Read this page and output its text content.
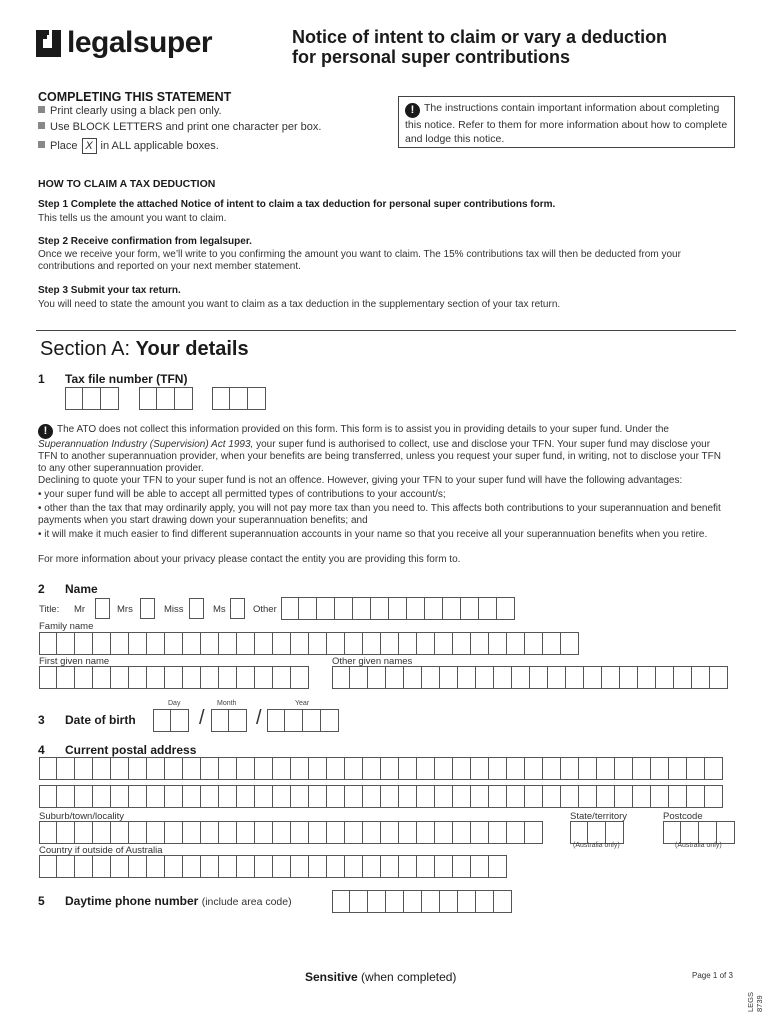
legalsuper	Notice of intent to claim or vary a deduction
for personal super contributions
COMPLETING THIS STATEMENT
Print clearly using a black pen only.
Use BLOCK LETTERS and print one character per box.
Place X in ALL applicable boxes.
! The instructions contain important information about completing this notice. Refer to them for more information about how to complete and lodge this notice.
HOW TO CLAIM A TAX DEDUCTION
Step 1 Complete the attached Notice of intent to claim a tax deduction for personal super contributions form.
This tells us the amount you want to claim.
Step 2 Receive confirmation from legalsuper.
Once we receive your form, we’ll write to you confirming the amount you want to claim. The 15% contributions tax will then be deducted from your contributions and reported on your next member statement.
Step 3 Submit your tax return.
You will need to state the amount you want to claim as a tax deduction in the supplementary section of your tax return.
Section A: Your details
1 Tax file number (TFN)
! The ATO does not collect this information provided on this form. This form is to assist you in providing details to your super fund. Under the Superannuation Industry (Supervision) Act 1993, your super fund is authorised to collect, use and disclose your TFN. Your super fund may disclose your TFN to another superannuation provider, when your benefits are being transferred, unless you request your super fund, in writing, not to disclose your TFN to any other superannuation provider.
Declining to quote your TFN to your super fund is not an offence. However, giving your TFN to your super fund will have the following advantages:
• your super fund will be able to accept all permitted types of contributions to your account/s;
• other than the tax that may ordinarily apply, you will not pay more tax than you need to. This affects both contributions to your superannuation and benefit payments when you start drawing down your superannuation benefits; and
• it will make it much easier to find different superannuation accounts in your name so that you receive all your superannuation benefits when you retire.
For more information about your privacy please contact the entity you are providing this form to.
2 Name
Title: Mr	Mrs	Miss	Ms	Other
Family name
First given name	Other given names
Day	Month	Year
3 Date of birth	/	/
4 Current postal address
Suburb/town/locality	State/territory	Postcode
(Australia only)	(Australia only)
Country if outside of Australia
5 Daytime phone number (include area code)
Sensitive (when completed)	Page 1 of 3
LEGS 8739
